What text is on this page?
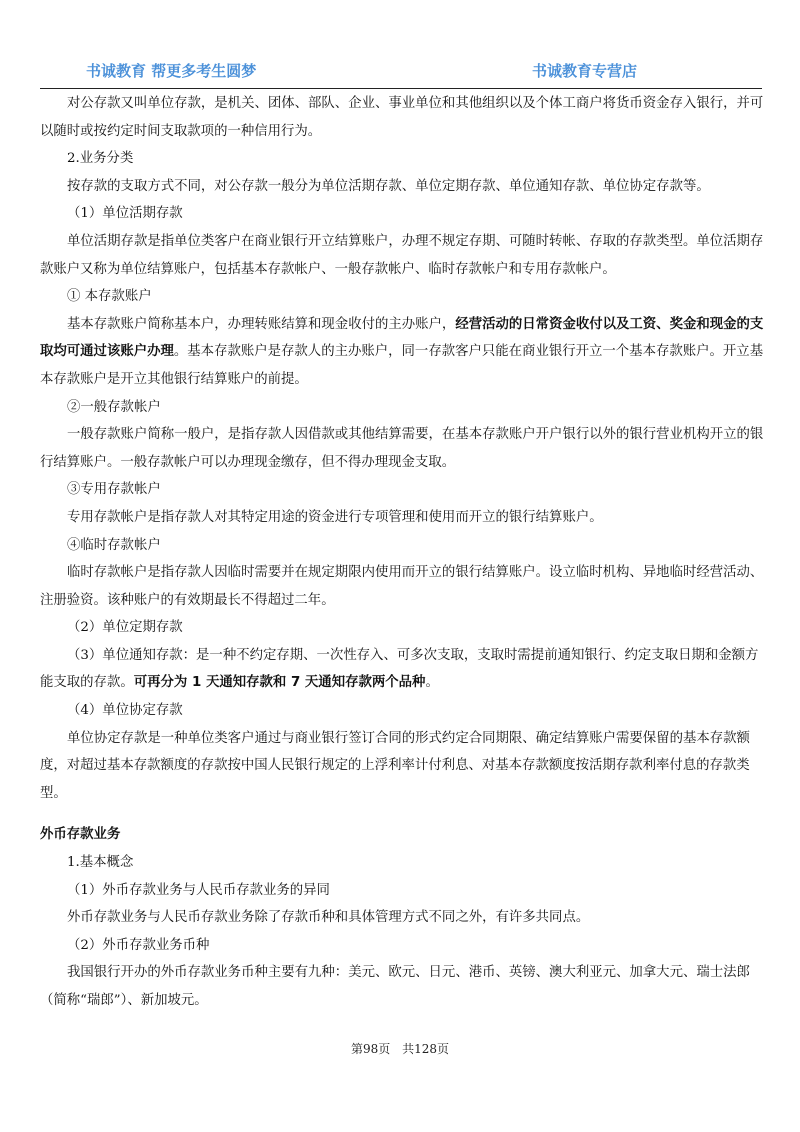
书诚教育 帮更多考生圆梦	书诚教育专营店

对公存款又叫单位存款，是机关、团体、部队、企业、事业单位和其他组织以及个体工商户将货币资金存入银行，并可以随时或按约定时间支取款项的一种信用行为。

2.业务分类

按存款的支取方式不同，对公存款一般分为单位活期存款、单位定期存款、单位通知存款、单位协定存款等。

（1）单位活期存款

单位活期存款是指单位类客户在商业银行开立结算账户，办理不规定存期、可随时转帐、存取的存款类型。单位活期存款账户又称为单位结算账户，包括基本存款帐户、一般存款帐户、临时存款帐户和专用存款帐户。

① 本存款账户

基本存款账户简称基本户，办理转账结算和现金收付的主办账户，经营活动的日常资金收付以及工资、奖金和现金的支取均可通过该账户办理。基本存款账户是存款人的主办账户，同一存款客户只能在商业银行开立一个基本存款账户。开立基本存款账户是开立其他银行结算账户的前提。

②一般存款帐户

一般存款账户简称一般户，是指存款人因借款或其他结算需要，在基本存款账户开户银行以外的银行营业机构开立的银行结算账户。一般存款帐户可以办理现金缴存，但不得办理现金支取。

③专用存款帐户

专用存款帐户是指存款人对其特定用途的资金进行专项管理和使用而开立的银行结算账户。

④临时存款帐户

临时存款帐户是指存款人因临时需要并在规定期限内使用而开立的银行结算账户。设立临时机构、异地临时经营活动、注册验资。该种账户的有效期最长不得超过二年。

（2）单位定期存款

（3）单位通知存款：是一种不约定存期、一次性存入、可多次支取，支取时需提前通知银行、约定支取日期和金额方能支取的存款。可再分为 1 天通知存款和 7 天通知存款两个品种。

（4）单位协定存款

单位协定存款是一种单位类客户通过与商业银行签订合同的形式约定合同期限、确定结算账户需要保留的基本存款额度，对超过基本存款额度的存款按中国人民银行规定的上浮利率计付利息、对基本存款额度按活期存款利率付息的存款类型。

外币存款业务

1.基本概念

（1）外币存款业务与人民币存款业务的异同

外币存款业务与人民币存款业务除了存款币种和具体管理方式不同之外，有许多共同点。

（2）外币存款业务币种

我国银行开办的外币存款业务币种主要有九种：美元、欧元、日元、港币、英镑、澳大利亚元、加拿大元、瑞士法郎（简称“瑞郎”）、新加坡元。

第98页 共128页
